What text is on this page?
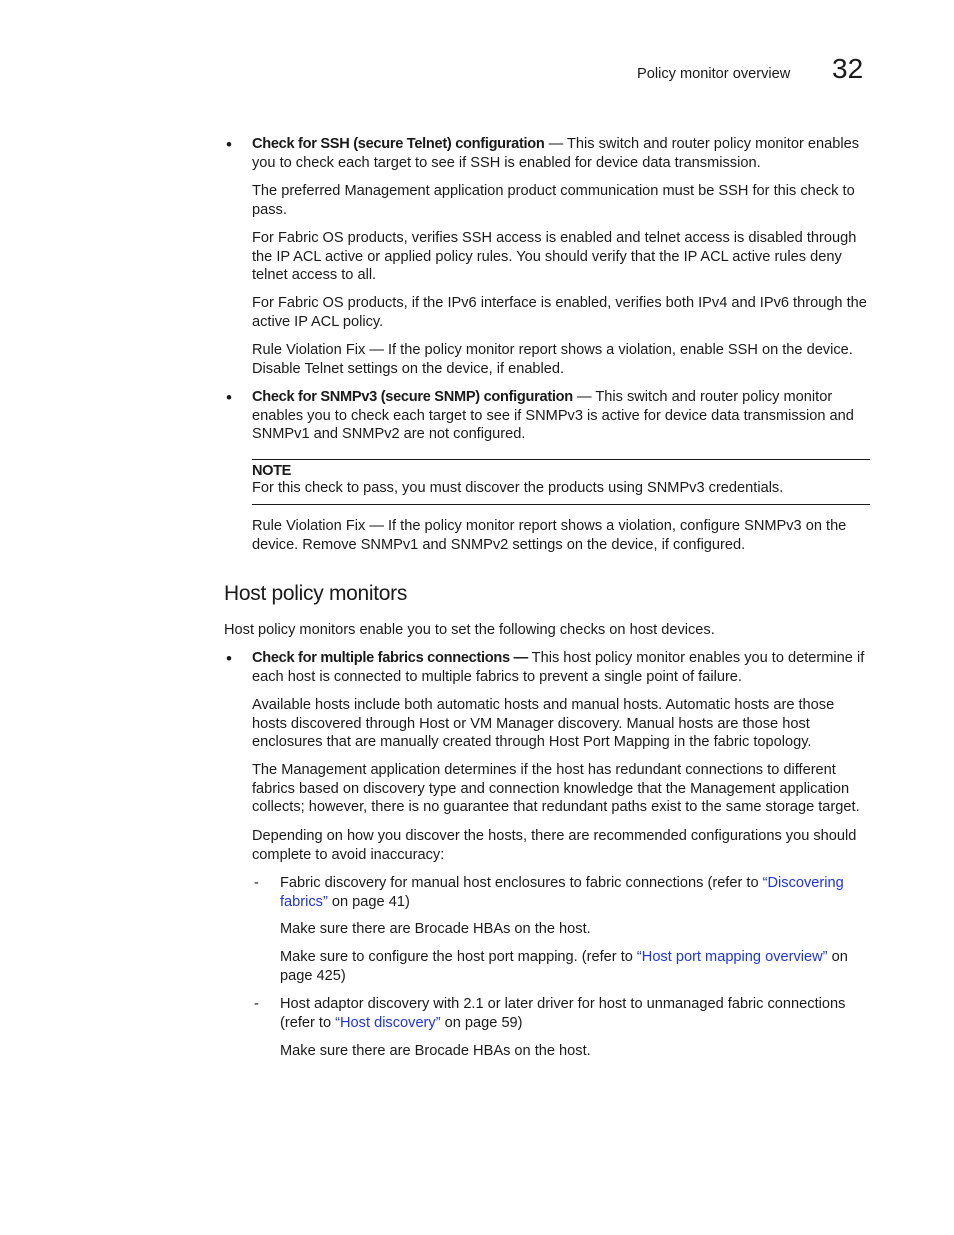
Policy monitor overview 32
• Check for SSH (secure Telnet) configuration — This switch and router policy monitor enables you to check each target to see if SSH is enabled for device data transmission.

The preferred Management application product communication must be SSH for this check to pass.

For Fabric OS products, verifies SSH access is enabled and telnet access is disabled through the IP ACL active or applied policy rules. You should verify that the IP ACL active rules deny telnet access to all.

For Fabric OS products, if the IPv6 interface is enabled, verifies both IPv4 and IPv6 through the active IP ACL policy.

Rule Violation Fix — If the policy monitor report shows a violation, enable SSH on the device. Disable Telnet settings on the device, if enabled.

• Check for SNMPv3 (secure SNMP) configuration — This switch and router policy monitor enables you to check each target to see if SNMPv3 is active for device data transmission and SNMPv1 and SNMPv2 are not configured.

NOTE

For this check to pass, you must discover the products using SNMPv3 credentials.

Rule Violation Fix — If the policy monitor report shows a violation, configure SNMPv3 on the device. Remove SNMPv1 and SNMPv2 settings on the device, if configured.

Host policy monitors

Host policy monitors enable you to set the following checks on host devices.

• Check for multiple fabrics connections — This host policy monitor enables you to determine if each host is connected to multiple fabrics to prevent a single point of failure.

Available hosts include both automatic hosts and manual hosts. Automatic hosts are those hosts discovered through Host or VM Manager discovery. Manual hosts are those host enclosures that are manually created through Host Port Mapping in the fabric topology.

The Management application determines if the host has redundant connections to different fabrics based on discovery type and connection knowledge that the Management application collects; however, there is no guarantee that redundant paths exist to the same storage target.

Depending on how you discover the hosts, there are recommended configurations you should complete to avoid inaccuracy:

- Fabric discovery for manual host enclosures to fabric connections (refer to “Discovering fabrics” on page 41)

Make sure there are Brocade HBAs on the host.

Make sure to configure the host port mapping. (refer to “Host port mapping overview” on page 425)

- Host adaptor discovery with 2.1 or later driver for host to unmanaged fabric connections (refer to “Host discovery” on page 59)

Make sure there are Brocade HBAs on the host.
